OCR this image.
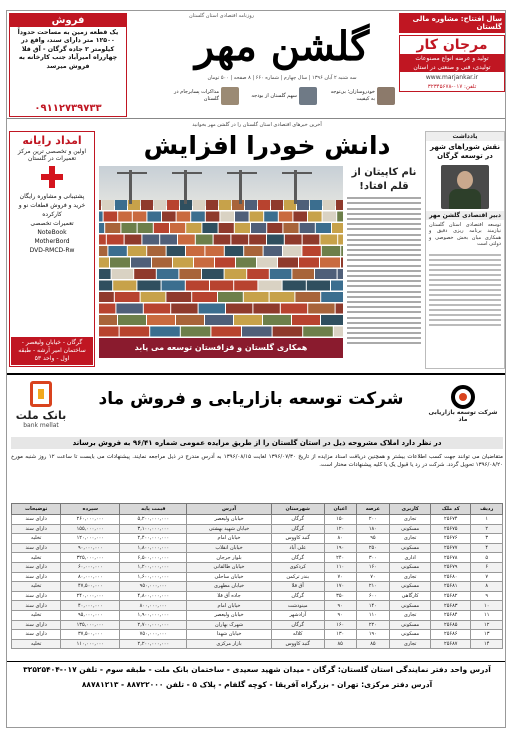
سال افتتاح: مشاوره مالی گلستان
مرجان کار
تولید و عرضه انواع مصنوعات
تولیدی، فنی و صنعتی در استان
www.marjankar.ir
تلفن: ۰۱۷-۳۲۳۴۵۶۷۸
روزنامه اقتصادی استان گلستان
گلشن مهر
سه شنبه ۲ آبان ۱۳۹۶ | سال چهارم | شماره ۶۶۰ | ۸ صفحه | ۵۰۰ تومان
خودروسازان؛ بی‌توجه به کیفیت
سهم گلستان از بودجه
مذاکرات پسابرجام در گلستان
فروش
یک قطعه زمین به مساحت حدوداً ۱۲۵۰۰ متر دارای سند، واقع در کیلومتر ۲ جاده گرگان - آق قلا چهارراه امیرآباد جنب کارخانه به فروش میرسد
۰۹۱۱۲۷۳۹۷۳۳
آخرین خبرهای اقتصادی استان گلستان را در گلشن مهر بخوانید
دانش خودرا افزایش	یادداشت
نقش شوراهای شهر در توسعه گرگان
دبیر اقتصادی گلشن مهر
توسعه اقتصادی استان گلستان نیازمند برنامه ریزی دقیق و همکاری میان بخش خصوصی و دولتی است
نام کاپیتان از قلم افتاد!
همکاری گلستان و قزاقستان توسعه می یابد
امداد رایانه
اولین و تخصصی ترین مرکز تعمیرات در گلستان
پشتیبانی و مشاوره رایگان
خرید و فروش قطعات نو و کارکرده
تعمیرات تخصصی
NoteBook
MotherBord
DVD-RMCD-Rw
گرگان - خیابان ولیعصر - ساختمان امیر آرشه - طبقه اول - واحد ۵۳
بانک ملت
bank mellat
شرکت توسعه بازاریابی ماد
شرکت توسعه بازاریابی و فروش ماد
در نظر دارد املاک مشروحه ذیل در استان گلستان را از طریق مزایده عمومی شماره ۹۶/۴۱ به فروش برساند
متقاضیان می توانند جهت کسب اطلاعات بیشتر و همچنین دریافت اسناد مزایده از تاریخ ۱۳۹۶/۰۷/۳۰ لغایت ۱۳۹۶/۰۸/۱۵ به آدرس مندرج در ذیل مراجعه نمایند. پیشنهادات می بایست تا ساعت ۱۲ روز شنبه مورخ ۱۳۹۶/۰۸/۲۰ تحویل گردد. شرکت در رد یا قبول یک یا کلیه پیشنهادات مختار است.
ردیف	کد ملک	کاربری	عرصه	اعیان	شهرستان	آدرس	قیمت پایه	سپرده	توضیحات
۱	۲۵۶۷۴	تجاری	۲۰۰	۱۵۰	گرگان	خیابان ولیعصر	۵,۲۰۰,۰۰۰,۰۰۰	۲۶۰,۰۰۰,۰۰۰	دارای سند
۲	۲۵۶۷۵	مسکونی	۱۸۰	۱۲۰	گرگان	خیابان شهید بهشتی	۳,۱۰۰,۰۰۰,۰۰۰	۱۵۵,۰۰۰,۰۰۰	دارای سند
۳	۲۵۶۷۶	تجاری	۹۵	۸۰	گنبد کاووس	خیابان امام	۲,۴۰۰,۰۰۰,۰۰۰	۱۲۰,۰۰۰,۰۰۰	تخلیه
۴	۲۵۶۷۷	مسکونی	۲۵۰	۱۹۰	علی آباد	خیابان انقلاب	۱,۸۰۰,۰۰۰,۰۰۰	۹۰,۰۰۰,۰۰۰	دارای سند
۵	۲۵۶۷۸	اداری	۳۰۰	۲۴۰	گرگان	بلوار جرجان	۶,۵۰۰,۰۰۰,۰۰۰	۳۲۵,۰۰۰,۰۰۰	تخلیه
۶	۲۵۶۷۹	مسکونی	۱۶۰	۱۱۰	کردکوی	خیابان طالقانی	۱,۲۰۰,۰۰۰,۰۰۰	۶۰,۰۰۰,۰۰۰	دارای سند
۷	۲۵۶۸۰	تجاری	۷۰	۷۰	بندر ترکمن	خیابان ساحلی	۱,۶۰۰,۰۰۰,۰۰۰	۸۰,۰۰۰,۰۰۰	دارای سند
۸	۲۵۶۸۱	مسکونی	۲۱۰	۱۷۰	آق قلا	خیابان مطهری	۹۵۰,۰۰۰,۰۰۰	۴۷,۵۰۰,۰۰۰	تخلیه
۹	۲۵۶۸۲	کارگاهی	۶۰۰	۳۵۰	گرگان	جاده آق قلا	۴,۸۰۰,۰۰۰,۰۰۰	۲۴۰,۰۰۰,۰۰۰	دارای سند
۱۰	۲۵۶۸۳	مسکونی	۱۴۰	۹۰	مینودشت	خیابان امام	۸۰۰,۰۰۰,۰۰۰	۴۰,۰۰۰,۰۰۰	دارای سند
۱۱	۲۵۶۸۴	تجاری	۱۱۰	۹۰	آزادشهر	خیابان ولیعصر	۱,۹۰۰,۰۰۰,۰۰۰	۹۵,۰۰۰,۰۰۰	تخلیه
۱۲	۲۵۶۸۵	مسکونی	۲۲۰	۱۶۰	گرگان	شهرک بهاران	۲,۷۰۰,۰۰۰,۰۰۰	۱۳۵,۰۰۰,۰۰۰	دارای سند
۱۳	۲۵۶۸۶	مسکونی	۱۹۰	۱۳۰	کلاله	خیابان شهدا	۷۵۰,۰۰۰,۰۰۰	۳۷,۵۰۰,۰۰۰	دارای سند
۱۴	۲۵۶۸۷	تجاری	۸۵	۸۵	گنبد کاووس	بازار مرکزی	۲,۲۰۰,۰۰۰,۰۰۰	۱۱۰,۰۰۰,۰۰۰	تخلیه
آدرس واحد دفتر نمایندگی استان گلستان: گرگان - میدان شهید سعیدی - ساختمان بانک ملت - طبقه سوم - تلفن ۰۱۷-۳۲۵۲۵۴۰۴
آدرس دفتر مرکزی: تهران - بزرگراه آفریقا - کوچه گلفام - پلاک ۵ - تلفن ۸۸۷۲۲۰۰۰ - ۸۸۷۸۱۲۱۳
